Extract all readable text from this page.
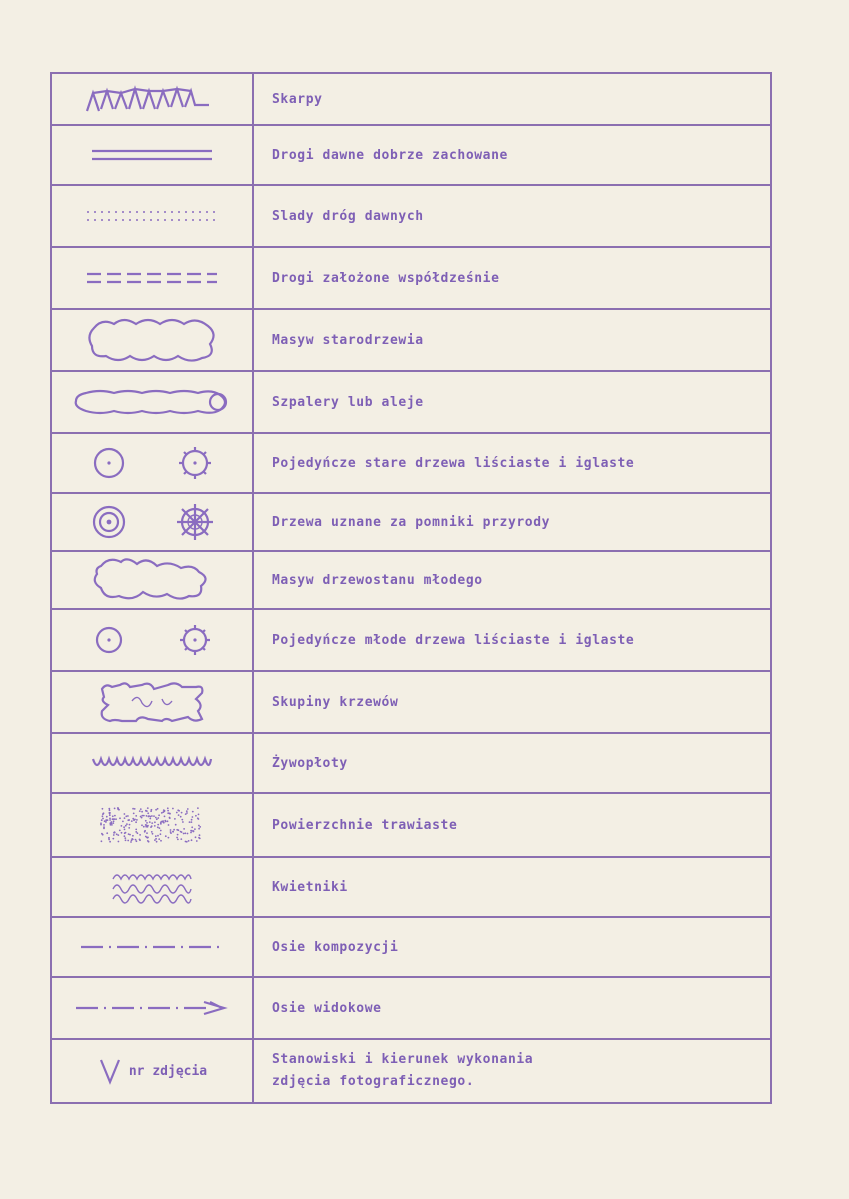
Skarpy
Drogi dawne dobrze zachowane
Slady dróg dawnych
Drogi założone współdześnie
Masyw starodrzewia
Szpalery lub aleje
Pojedyńcze stare drzewa liściaste i iglaste
Drzewa uznane za pomniki przyrody
Masyw drzewostanu młodego
Pojedyńcze młode drzewa liściaste i iglaste
Skupiny krzewów
Żywopłoty
Powierzchnie trawiaste
Kwietniki
Osie kompozycji
Osie widokowe
nr zdjęcia
Stanowiski i kierunek wykonania
zdjęcia fotograficznego.
